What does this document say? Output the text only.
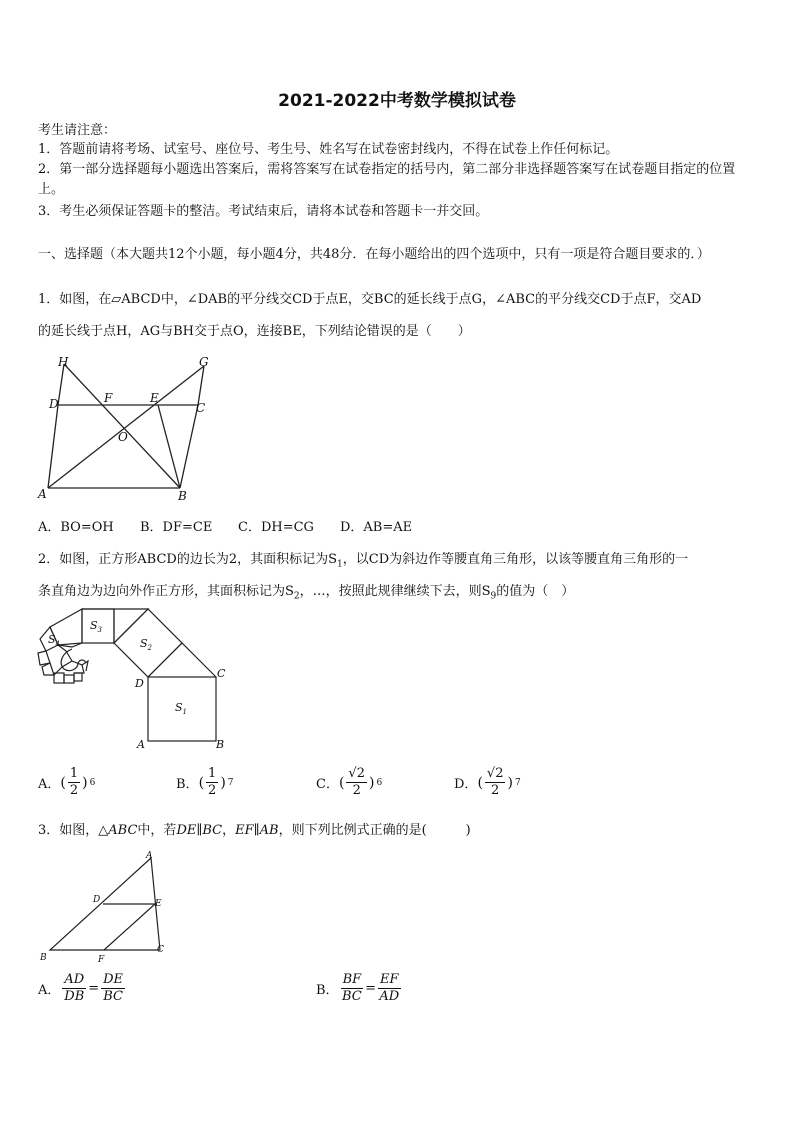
2021-2022中考数学模拟试卷
考生请注意：
1．答题前请将考场、试室号、座位号、考生号、姓名写在试卷密封线内，不得在试卷上作任何标记。
2．第一部分选择题每小题选出答案后，需将答案写在试卷指定的括号内，第二部分非选择题答案写在试卷题目指定的位置上。
3．考生必须保证答题卡的整洁。考试结束后，请将本试卷和答题卡一并交回。
一、选择题（本大题共12个小题，每小题4分，共48分．在每小题给出的四个选项中，只有一项是符合题目要求的．）
1．如图，在▱ABCD中，∠DAB的平分线交CD于点E，交BC的延长线于点G，∠ABC的平分线交CD于点F，交AD
的延长线于点H，AG与BH交于点O，连接BE，下列结论错误的是（　　）
H	G
D	F	E
C
O
A	B
A．BO=OH B．DF=CE C．DH=CG D．AB=AE
2．如图，正方形ABCD的边长为2，其面积标记为$S_1$，以CD为斜边作等腰直角三角形，以该等腰直角三角形的一
条直角边为边向外作正方形，其面积标记为$S_2$，…，按照此规律继续下去，则$S_9$的值为（　）
$S_1$
$S_2$
$S_3$
$S_4$
A	B
C
D
A． ( $\frac{1}{2}$ ) 6	B． ( $\frac{1}{2}$ ) 7	C． ( $\frac{√2}{2}$ ) 6	D． ( $\frac{√2}{2}$ ) 7
3．如图，△ABC中，若DE∥BC，EF∥AB，则下列比例式正确的是(　　　)
A
D	E
B	F
C
A． $\frac{AD}{DB} = \frac{DE}{BC}$	B． $\frac{BF}{BC} = \frac{EF}{AD}$
